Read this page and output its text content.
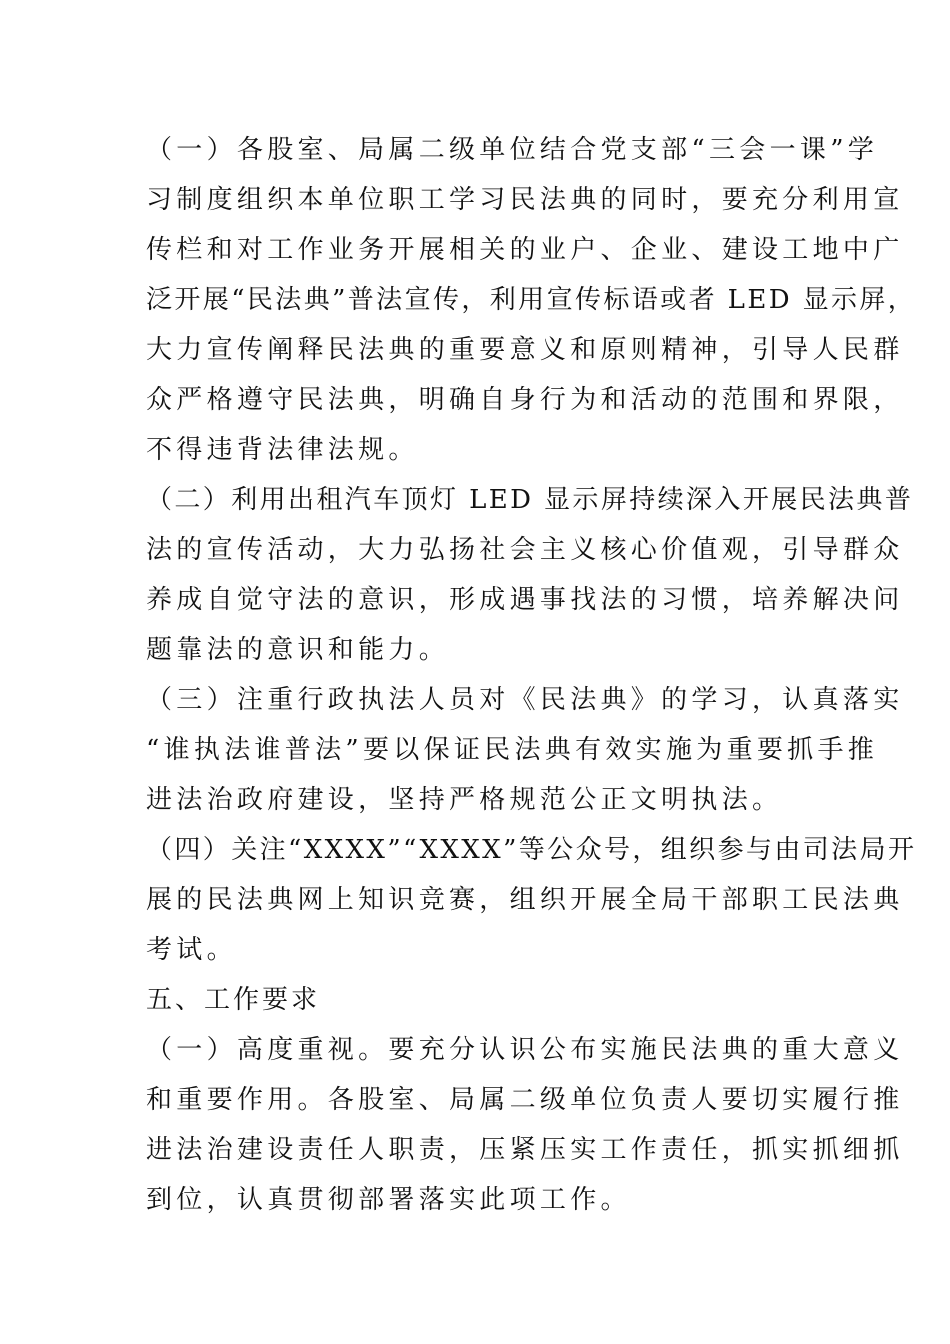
（一）各股室、局属二级单位结合党支部“三会一课”学

习制度组织本单位职工学习民法典的同时，要充分利用宣

传栏和对工作业务开展相关的业户、企业、建设工地中广

泛开展“民法典”普法宣传，利用宣传标语或者 LED 显示屏，

大力宣传阐释民法典的重要意义和原则精神，引导人民群

众严格遵守民法典，明确自身行为和活动的范围和界限，

不得违背法律法规。

（二）利用出租汽车顶灯 LED 显示屏持续深入开展民法典普

法的宣传活动，大力弘扬社会主义核心价值观，引导群众

养成自觉守法的意识，形成遇事找法的习惯，培养解决问

题靠法的意识和能力。

（三）注重行政执法人员对《民法典》的学习，认真落实

“谁执法谁普法”要以保证民法典有效实施为重要抓手推

进法治政府建设，坚持严格规范公正文明执法。

（四）关注“XXXX”“XXXX”等公众号，组织参与由司法局开

展的民法典网上知识竞赛，组织开展全局干部职工民法典

考试。

五、工作要求

（一）高度重视。要充分认识公布实施民法典的重大意义

和重要作用。各股室、局属二级单位负责人要切实履行推

进法治建设责任人职责，压紧压实工作责任，抓实抓细抓

到位，认真贯彻部署落实此项工作。
